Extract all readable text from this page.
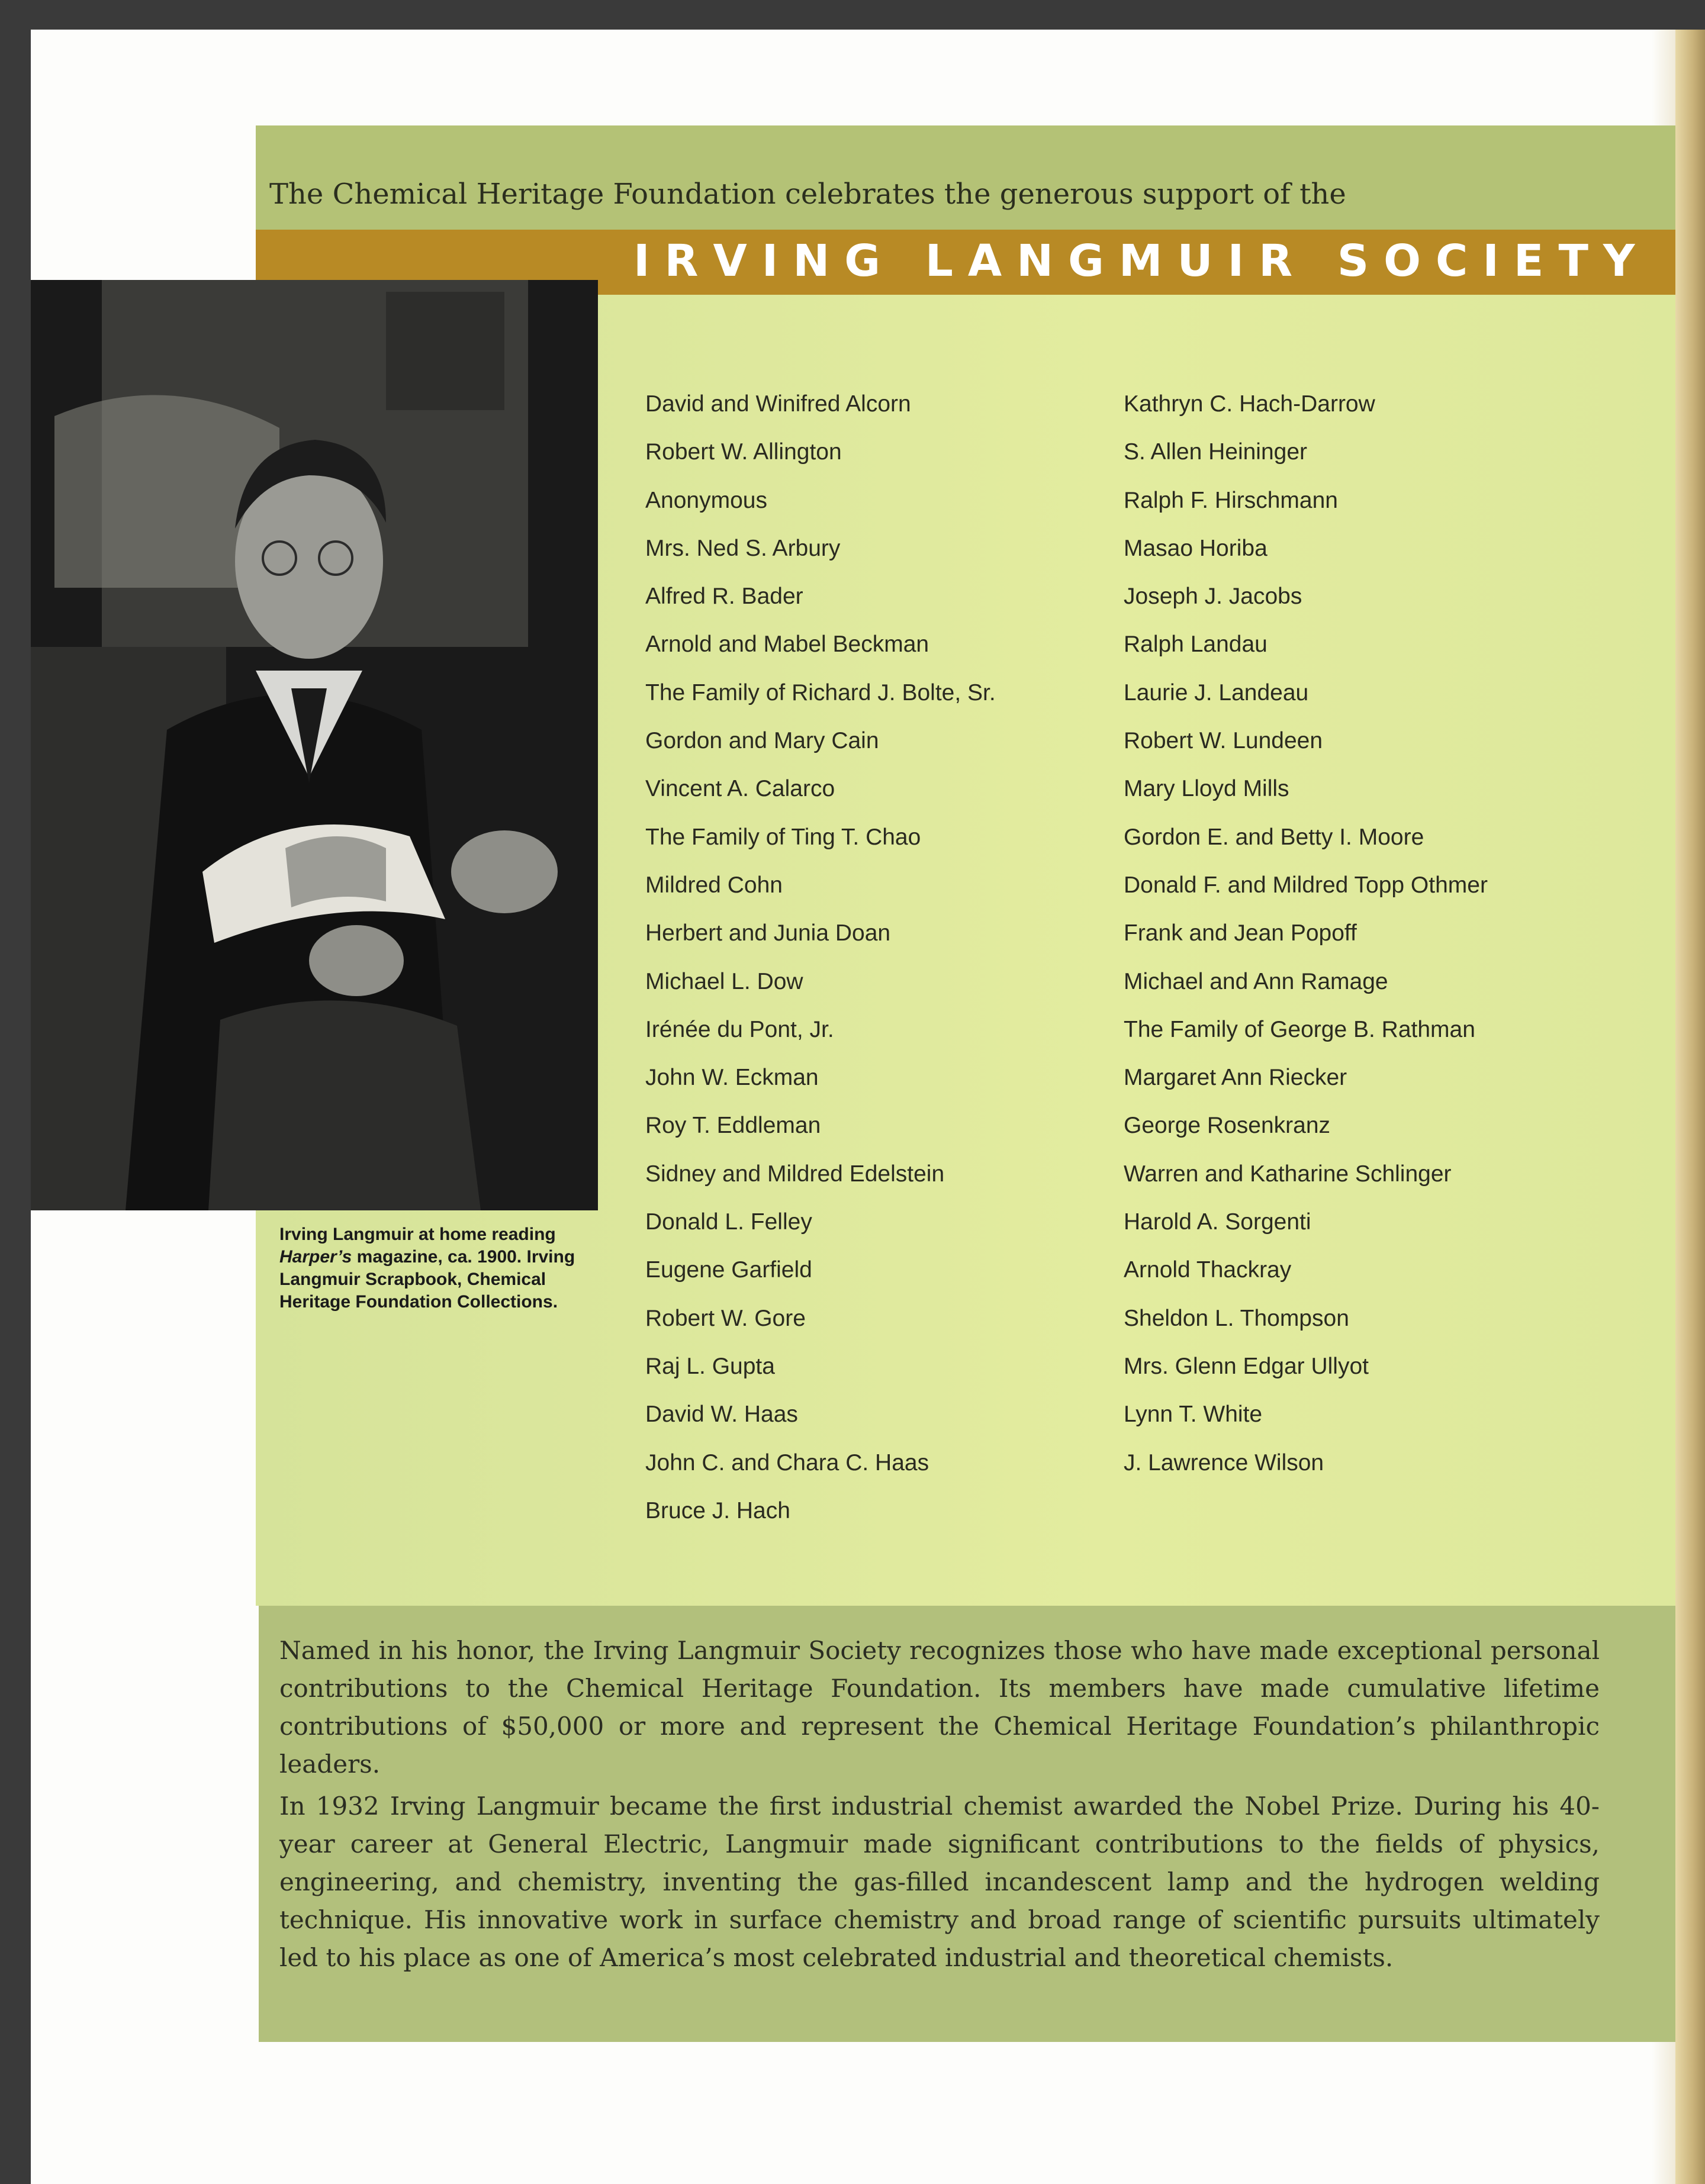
The Chemical Heritage Foundation celebrates the generous support of the
IRVING LANGMUIR SOCIETY
Irving Langmuir at home reading Harper’s magazine, ca. 1900. Irving Langmuir Scrapbook, Chemical Heritage Foundation Collections.
David and Winifred Alcorn
Robert W. Allington
Anonymous
Mrs. Ned S. Arbury
Alfred R. Bader
Arnold and Mabel Beckman
The Family of Richard J. Bolte, Sr.
Gordon and Mary Cain
Vincent A. Calarco
The Family of Ting T. Chao
Mildred Cohn
Herbert and Junia Doan
Michael L. Dow
Irénée du Pont, Jr.
John W. Eckman
Roy T. Eddleman
Sidney and Mildred Edelstein
Donald L. Felley
Eugene Garfield
Robert W. Gore
Raj L. Gupta
David W. Haas
John C. and Chara C. Haas
Bruce J. Hach
Kathryn C. Hach-Darrow
S. Allen Heininger
Ralph F. Hirschmann
Masao Horiba
Joseph J. Jacobs
Ralph Landau
Laurie J. Landeau
Robert W. Lundeen
Mary Lloyd Mills
Gordon E. and Betty I. Moore
Donald F. and Mildred Topp Othmer
Frank and Jean Popoff
Michael and Ann Ramage
The Family of George B. Rathman
Margaret Ann Riecker
George Rosenkranz
Warren and Katharine Schlinger
Harold A. Sorgenti
Arnold Thackray
Sheldon L. Thompson
Mrs. Glenn Edgar Ullyot
Lynn T. White
J. Lawrence Wilson

Named in his honor, the Irving Langmuir Society recognizes those who have made exceptional personal contributions to the Chemical Heritage Foundation. Its members have made cumulative lifetime contributions of $50,000 or more and represent the Chemical Heritage Foundation’s philanthropic leaders.

In 1932 Irving Langmuir became the first industrial chemist awarded the Nobel Prize. During his 40-year career at General Electric, Langmuir made significant contributions to the fields of physics, engineering, and chemistry, inventing the gas-filled incandescent lamp and the hydrogen welding technique. His innovative work in surface chemistry and broad range of scientific pursuits ultimately led to his place as one of America’s most celebrated industrial and theoretical chemists.
